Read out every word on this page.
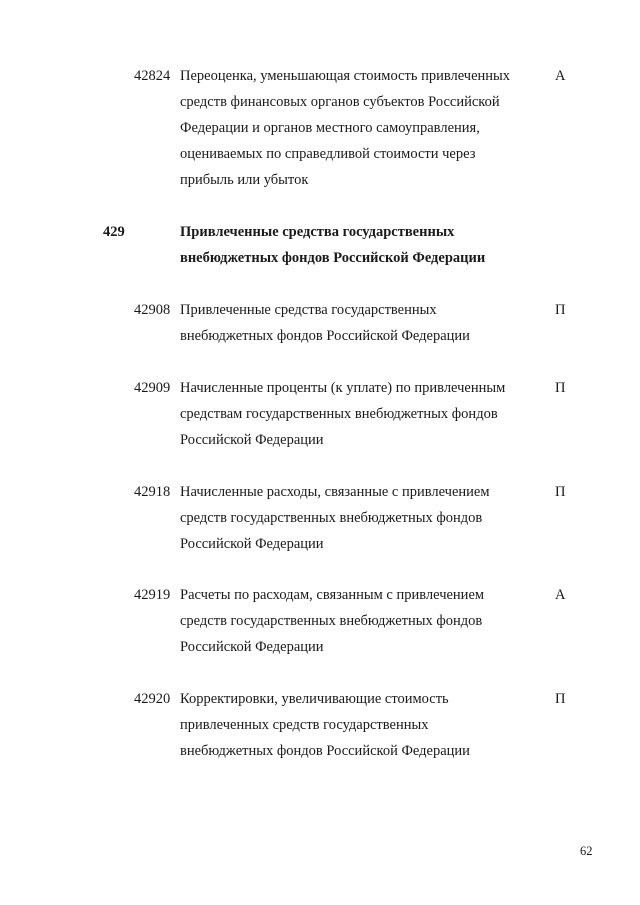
42824 Переоценка, уменьшающая стоимость привлеченных
средств финансовых органов субъектов Российской
Федерации и органов местного самоуправления,
оцениваемых по справедливой стоимости через
прибыль или убыток
А
429	Привлеченные средства государственных
внебюджетных фондов Российской Федерации
42908 Привлеченные средства государственных
внебюджетных фондов Российской Федерации
П
42909 Начисленные проценты (к уплате) по привлеченным
средствам государственных внебюджетных фондов
Российской Федерации
П
42918 Начисленные расходы, связанные с привлечением
средств государственных внебюджетных фондов
Российской Федерации
П
42919 Расчеты по расходам, связанным с привлечением
средств государственных внебюджетных фондов
Российской Федерации
А
42920 Корректировки, увеличивающие стоимость
привлеченных средств государственных
внебюджетных фондов Российской Федерации
П
62
